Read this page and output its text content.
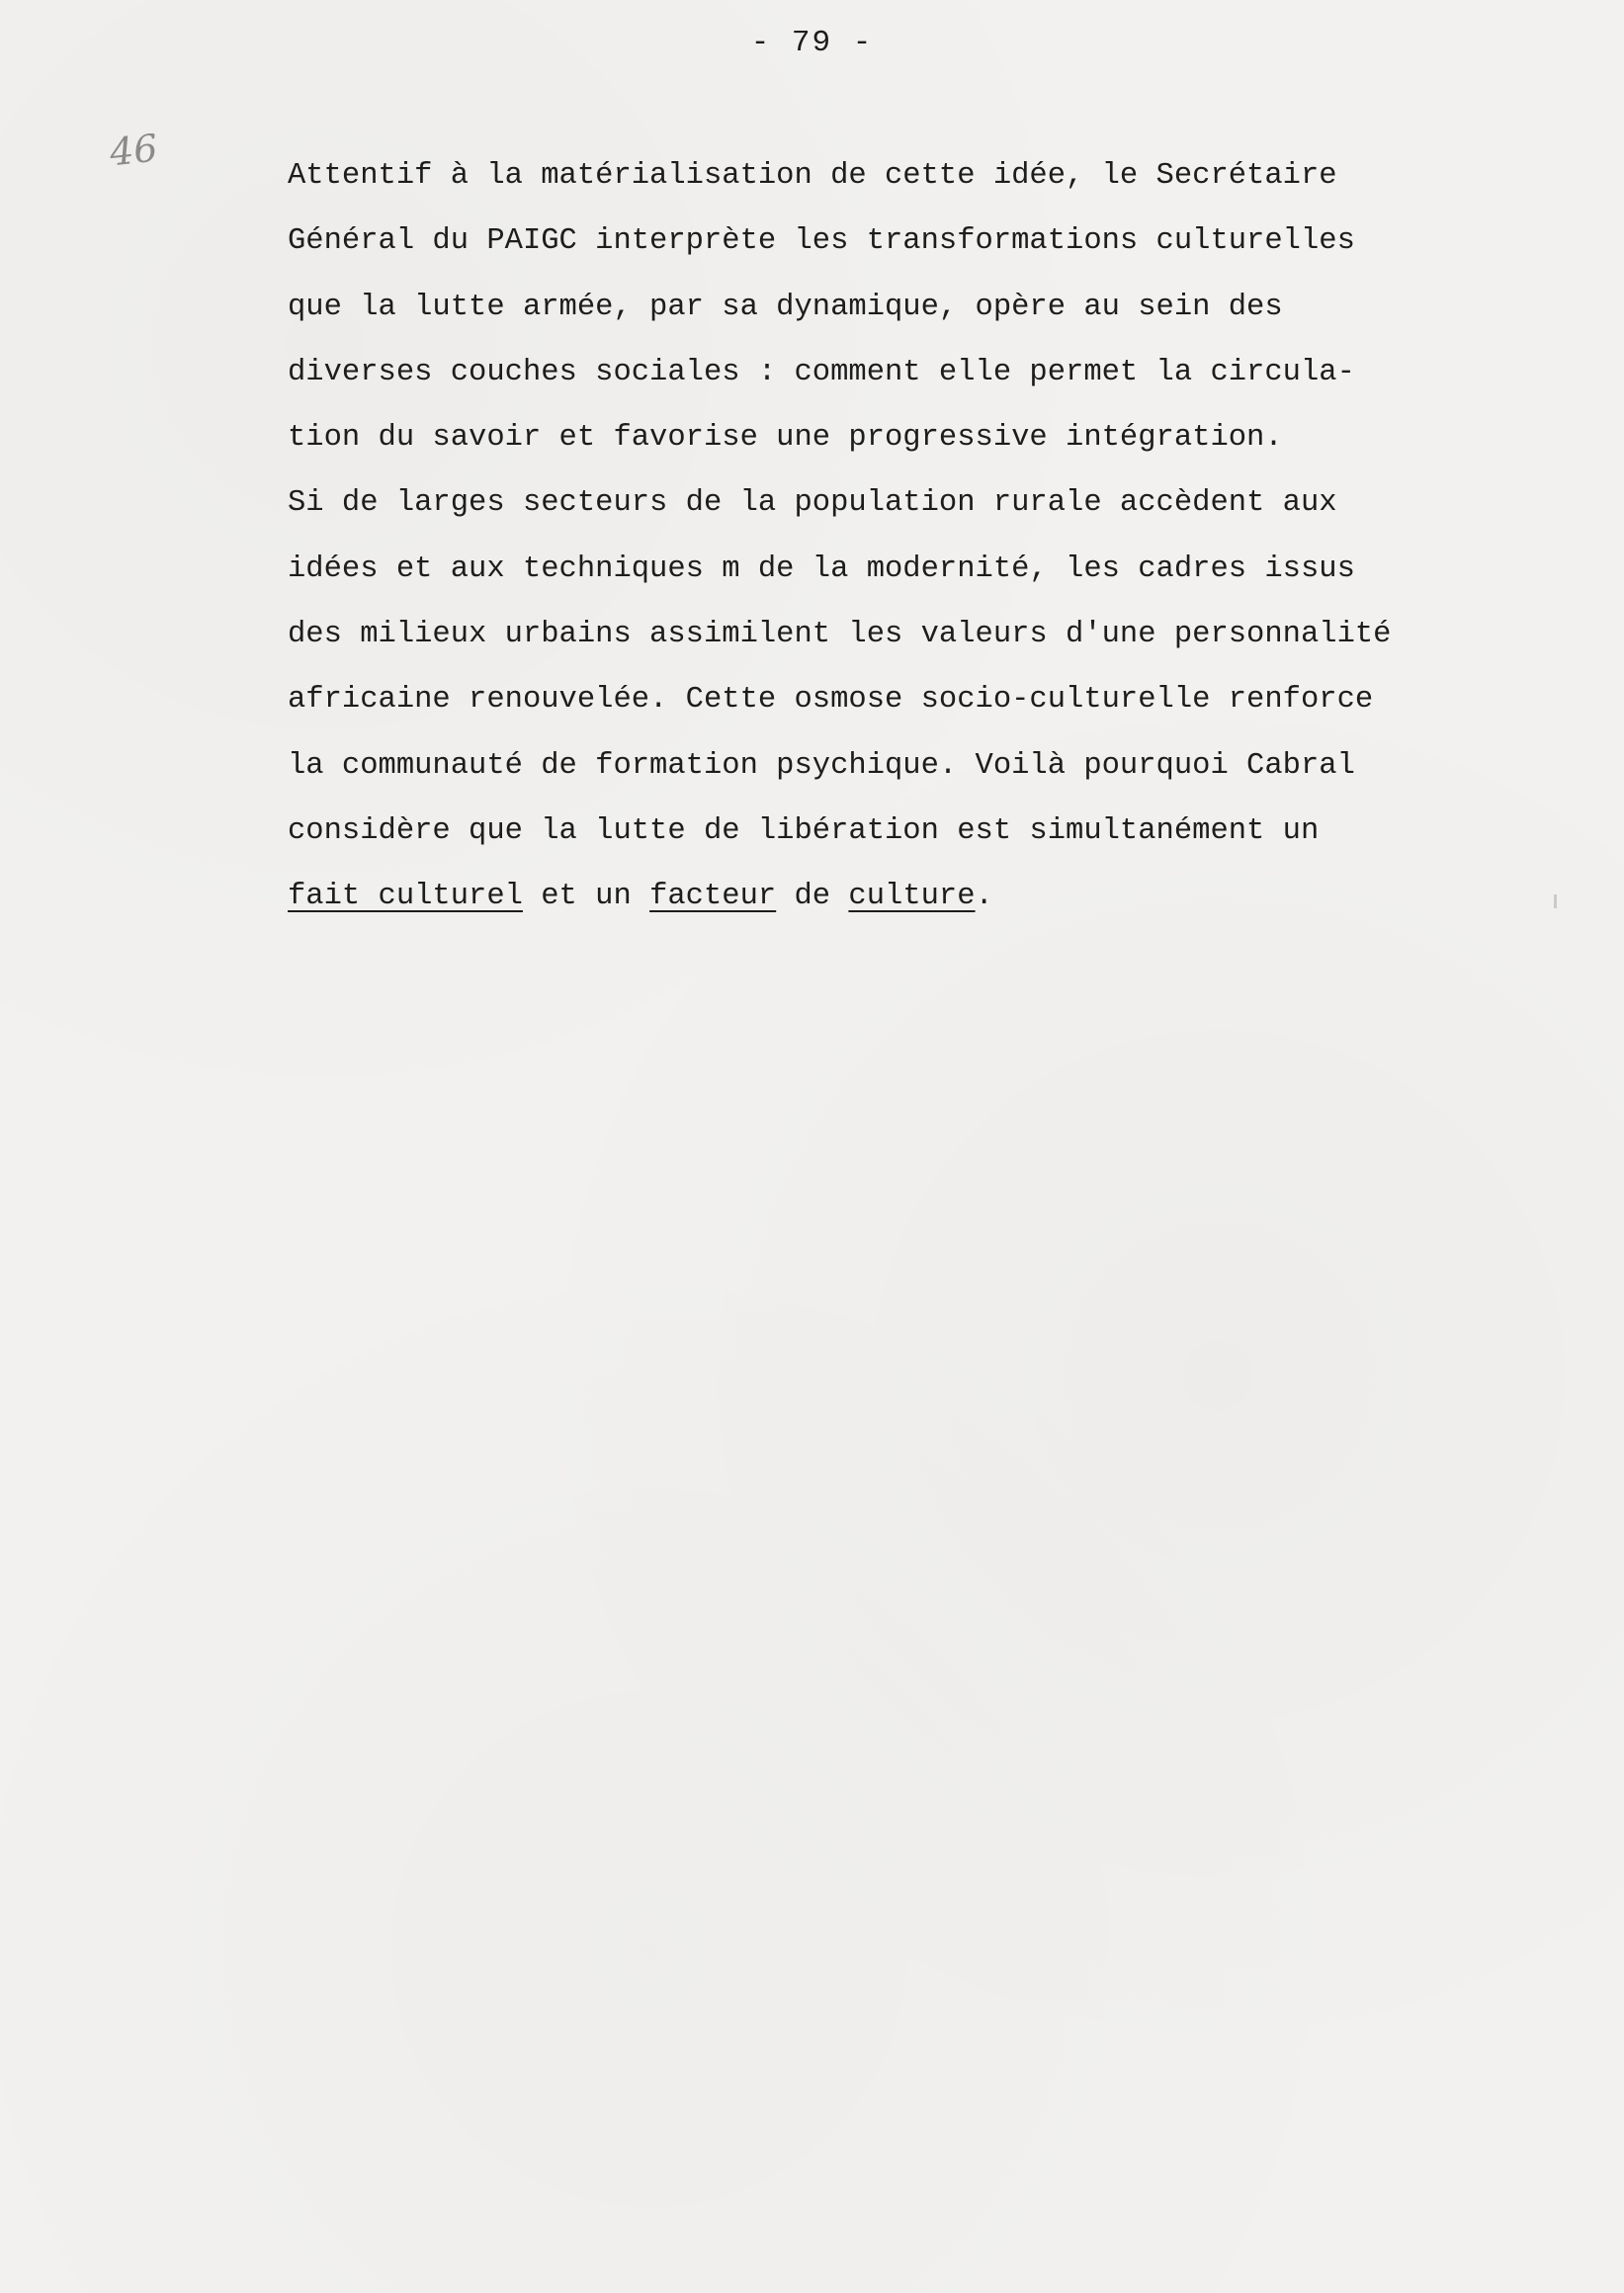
- 79 -
46
Attentif à la matérialisation de cette idée, le Secrétaire
Général du PAIGC interprète les transformations culturelles
que la lutte armée, par sa dynamique, opère au sein des
diverses couches sociales : comment elle permet la circula-
tion du savoir et favorise une progressive intégration.
Si de larges secteurs de la population rurale accèdent aux
idées et aux techniques m de la modernité, les cadres issus
des milieux urbains assimilent les valeurs d'une personnalité
africaine renouvelée. Cette osmose socio-culturelle renforce
la communauté de formation psychique. Voilà pourquoi Cabral
considère que la lutte de libération est simultanément un
fait culturel et un facteur de culture.
